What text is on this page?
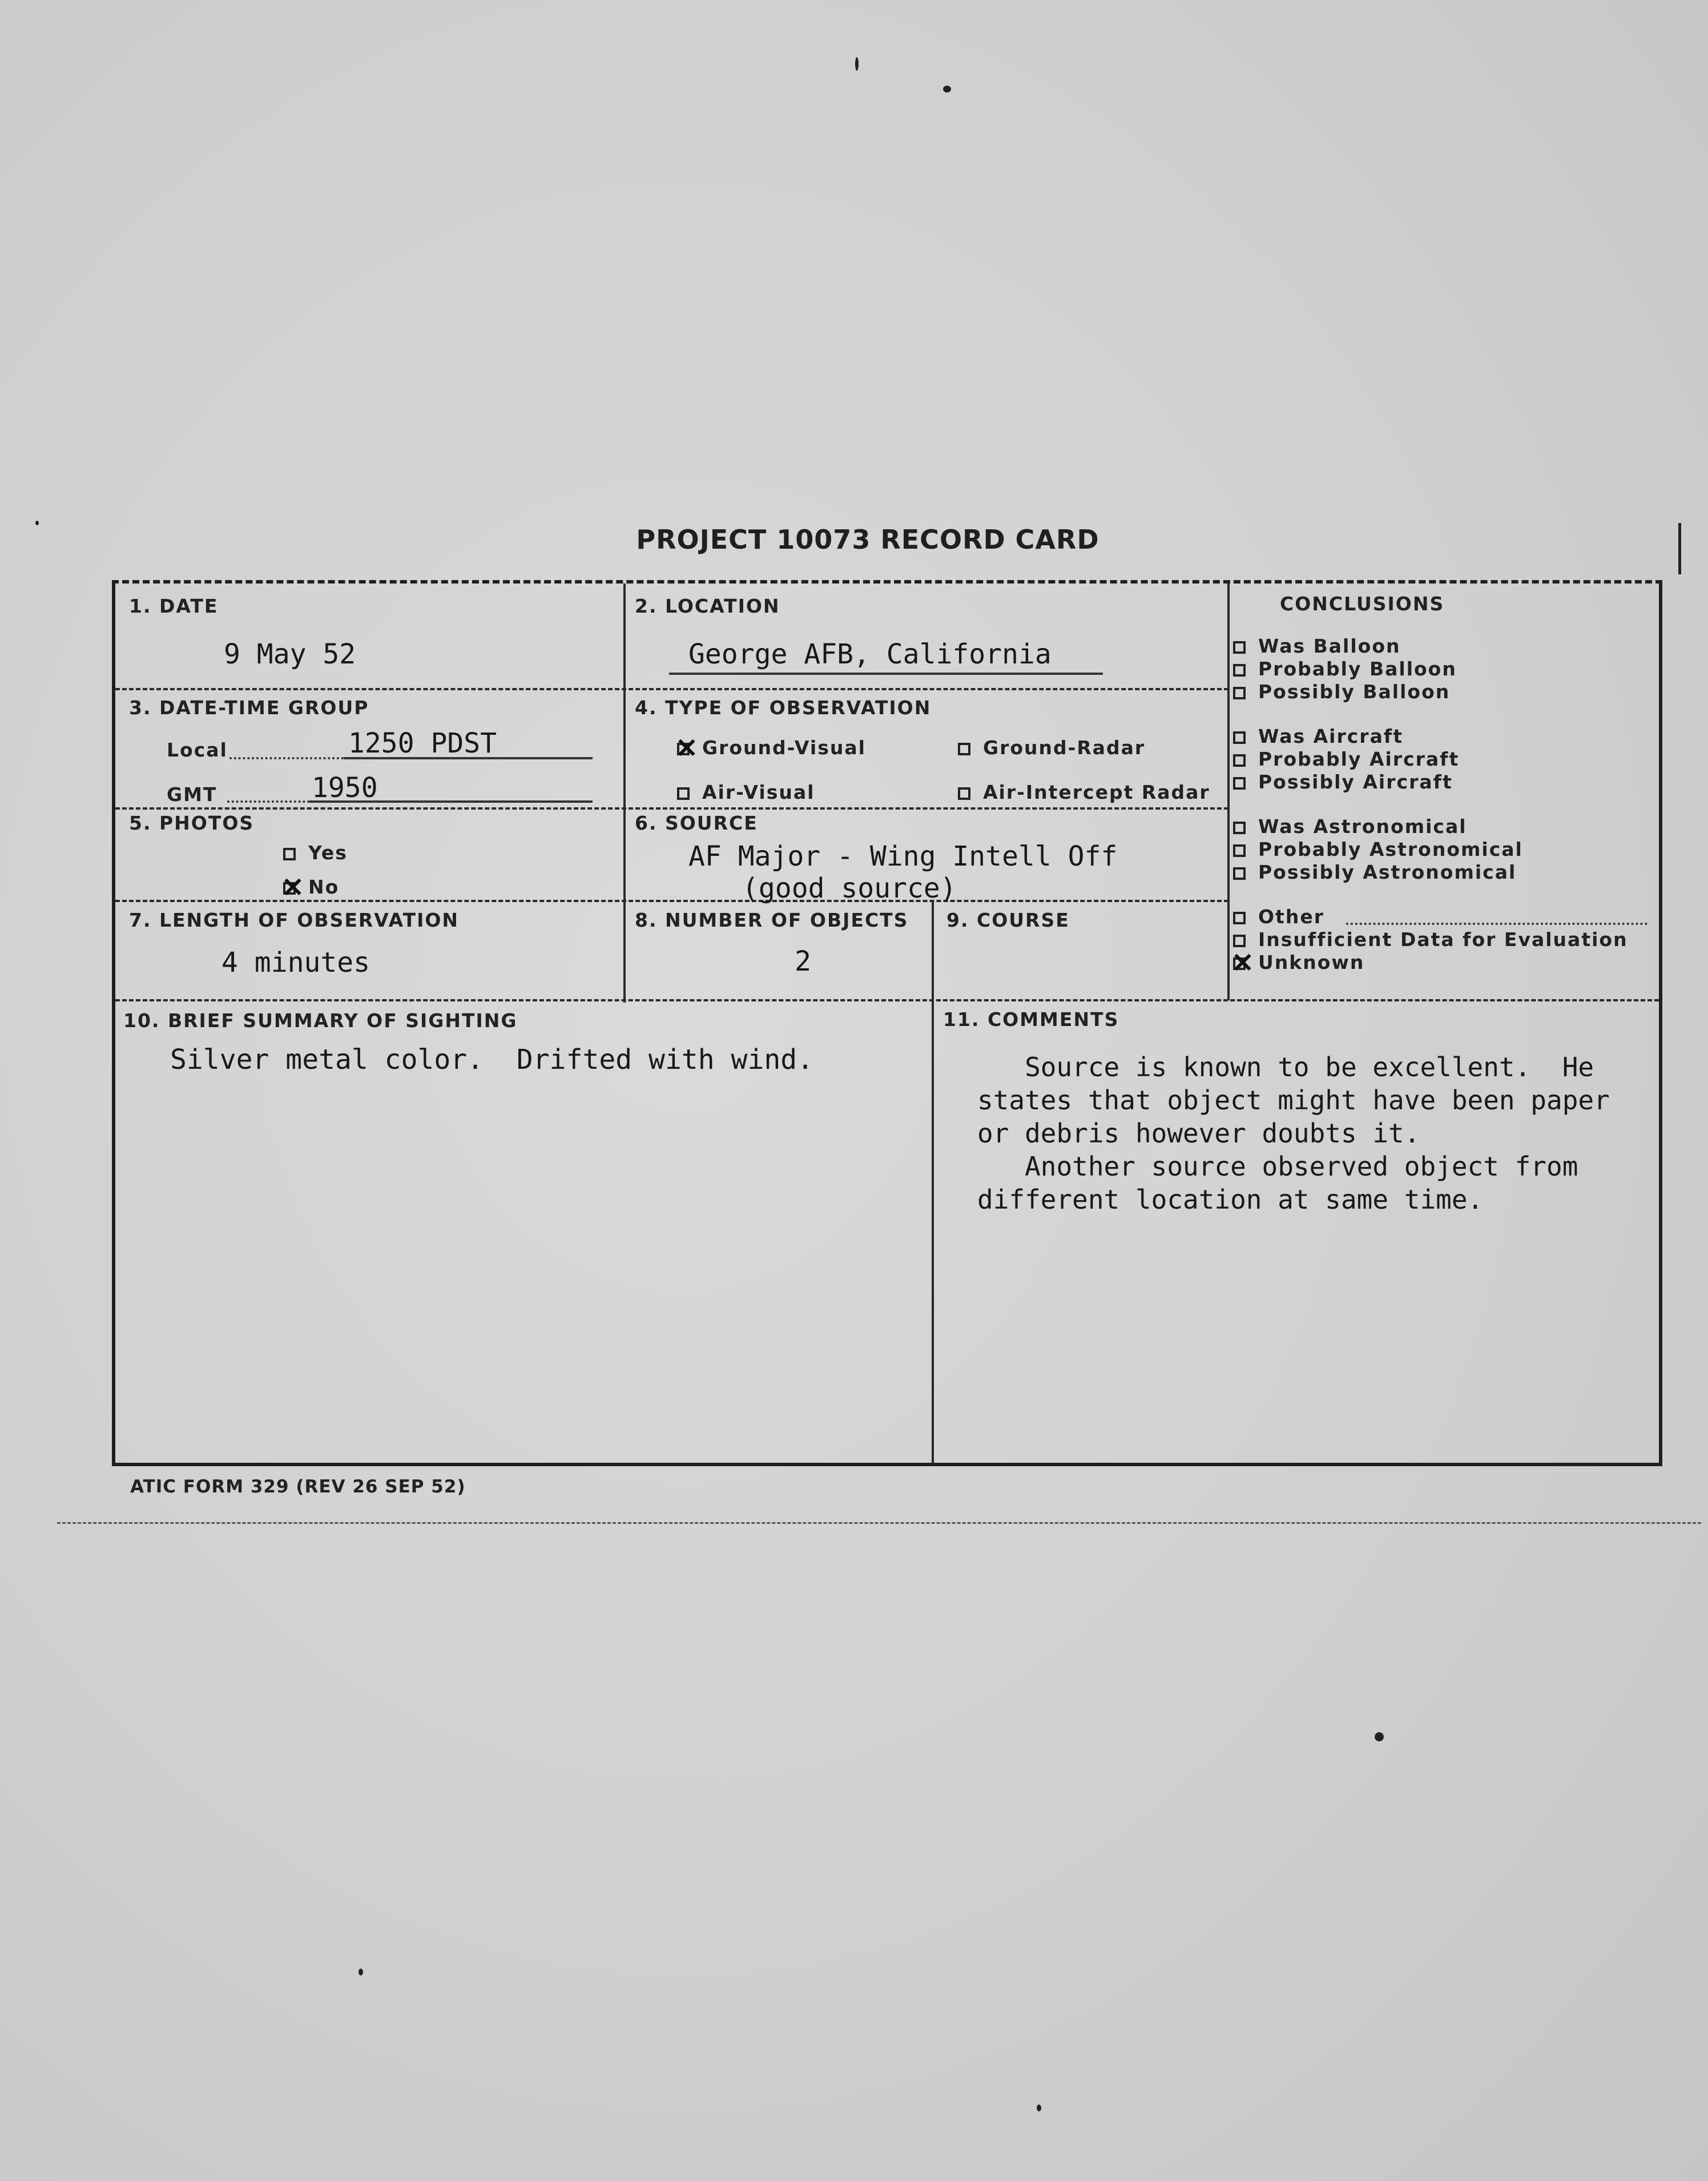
PROJECT 10073 RECORD CARD
1. DATE
9 May 52
2. LOCATION
George AFB, California
3. DATE-TIME GROUP
Local	1250 PDST
GMT	1950
4. TYPE OF OBSERVATION
×Ground-Visual	Ground-Radar
Air-Visual	Air-Intercept Radar
5. PHOTOS
Yes
×No
6. SOURCE
AF Major - Wing Intell Off
(good source)
7. LENGTH OF OBSERVATION
4 minutes
8. NUMBER OF OBJECTS
2
9. COURSE
CONCLUSIONS
10. BRIEF SUMMARY OF SIGHTING
Silver metal color.  Drifted with wind.
11. COMMENTS
Was Balloon
Probably Balloon
Possibly Balloon
Was Aircraft
Probably Aircraft
Possibly Aircraft
Was Astronomical
Probably Astronomical
Possibly Astronomical
Other
Insufficient Data for Evaluation
×Unknown
Source is known to be excellent.  He
states that object might have been paper
or debris however doubts it.
Another source observed object from
different location at same time.
ATIC FORM 329 (REV 26 SEP 52)
